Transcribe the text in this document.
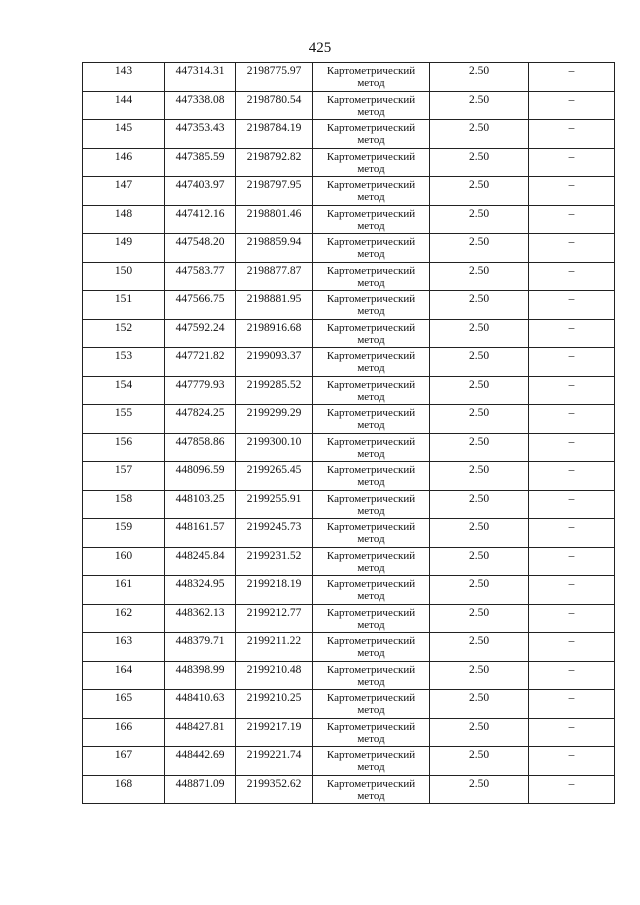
425
143	447314.31	2198775.97	Картометрический метод	2.50	–
144	447338.08	2198780.54	Картометрический метод	2.50	–
145	447353.43	2198784.19	Картометрический метод	2.50	–
146	447385.59	2198792.82	Картометрический метод	2.50	–
147	447403.97	2198797.95	Картометрический метод	2.50	–
148	447412.16	2198801.46	Картометрический метод	2.50	–
149	447548.20	2198859.94	Картометрический метод	2.50	–
150	447583.77	2198877.87	Картометрический метод	2.50	–
151	447566.75	2198881.95	Картометрический метод	2.50	–
152	447592.24	2198916.68	Картометрический метод	2.50	–
153	447721.82	2199093.37	Картометрический метод	2.50	–
154	447779.93	2199285.52	Картометрический метод	2.50	–
155	447824.25	2199299.29	Картометрический метод	2.50	–
156	447858.86	2199300.10	Картометрический метод	2.50	–
157	448096.59	2199265.45	Картометрический метод	2.50	–
158	448103.25	2199255.91	Картометрический метод	2.50	–
159	448161.57	2199245.73	Картометрический метод	2.50	–
160	448245.84	2199231.52	Картометрический метод	2.50	–
161	448324.95	2199218.19	Картометрический метод	2.50	–
162	448362.13	2199212.77	Картометрический метод	2.50	–
163	448379.71	2199211.22	Картометрический метод	2.50	–
164	448398.99	2199210.48	Картометрический метод	2.50	–
165	448410.63	2199210.25	Картометрический метод	2.50	–
166	448427.81	2199217.19	Картометрический метод	2.50	–
167	448442.69	2199221.74	Картометрический метод	2.50	–
168	448871.09	2199352.62	Картометрический метод	2.50	–
